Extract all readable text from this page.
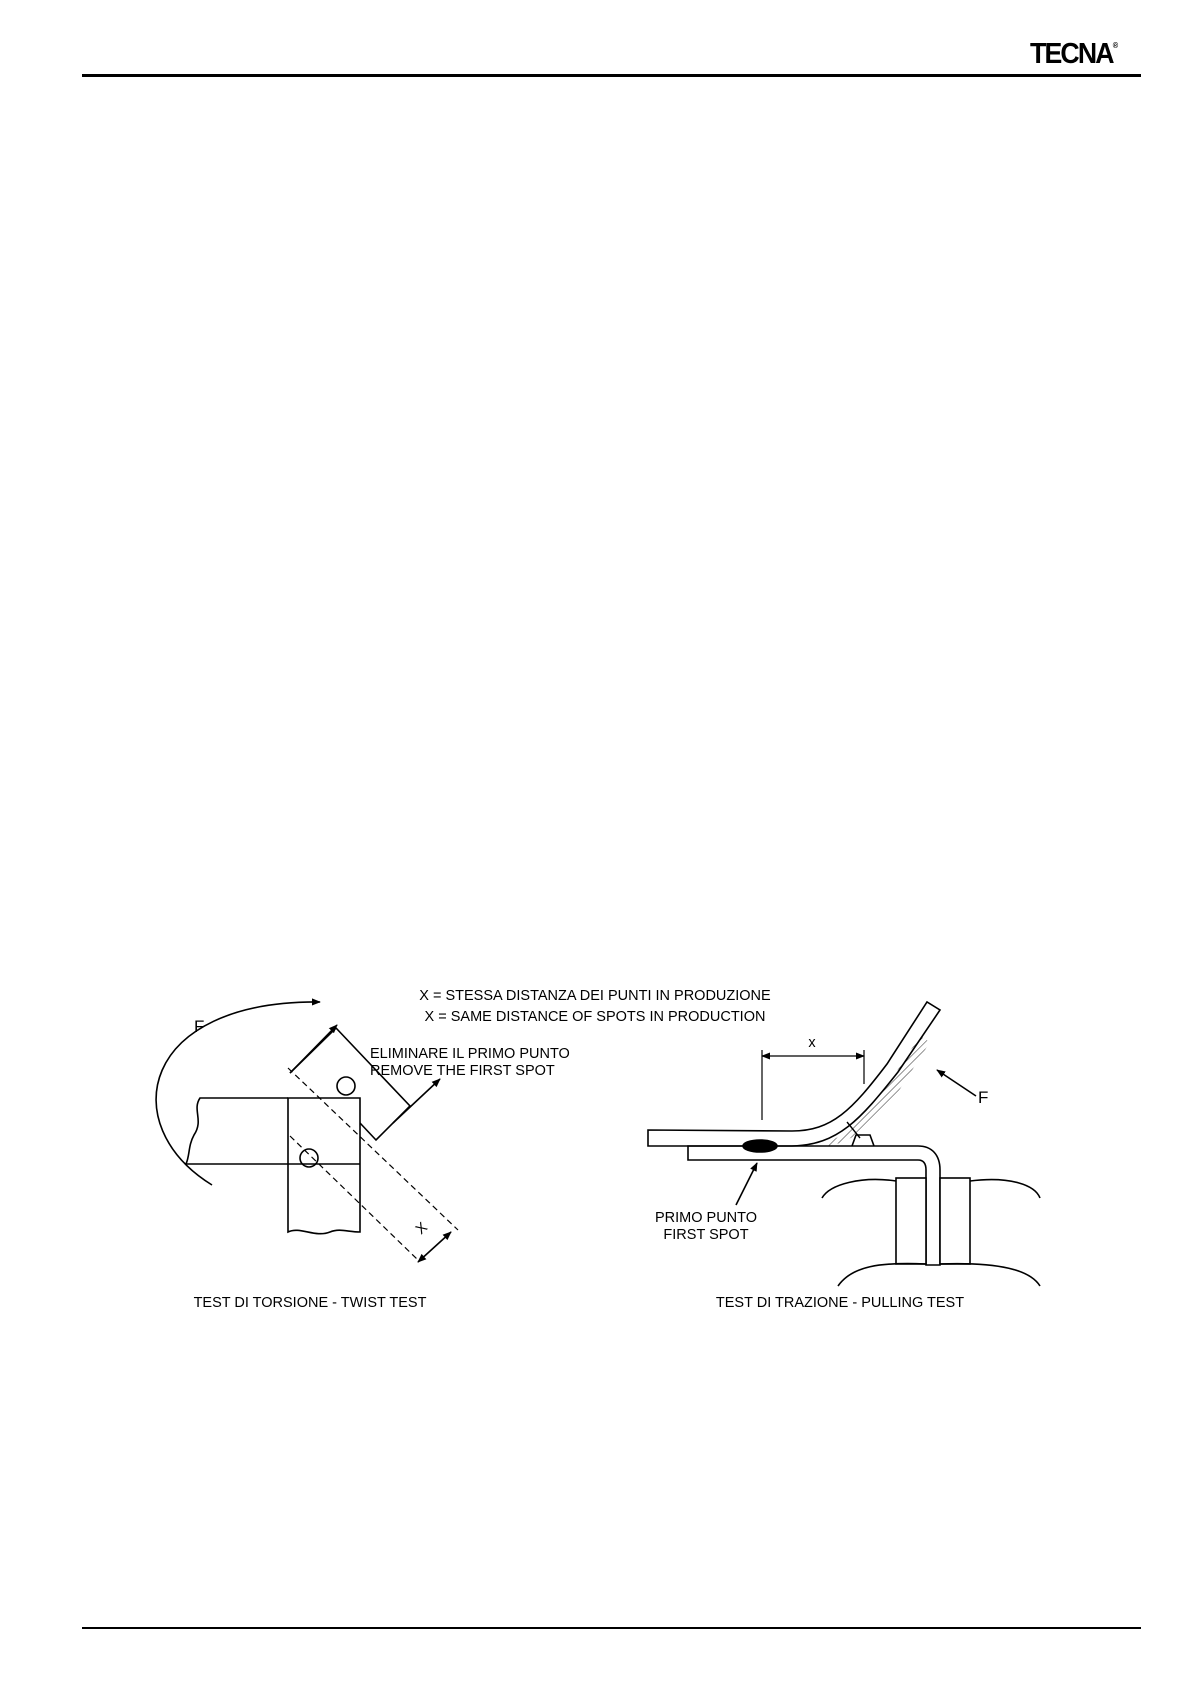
TECNA®
X = STESSA DISTANZA DEI PUNTI IN PRODUZIONE
X = SAME DISTANCE OF SPOTS IN PRODUCTION
F
ELIMINARE IL PRIMO PUNTO
REMOVE THE FIRST SPOT
X
TEST DI TORSIONE - TWIST TEST
x
F
PRIMO PUNTO
FIRST SPOT
TEST DI TRAZIONE - PULLING TEST
